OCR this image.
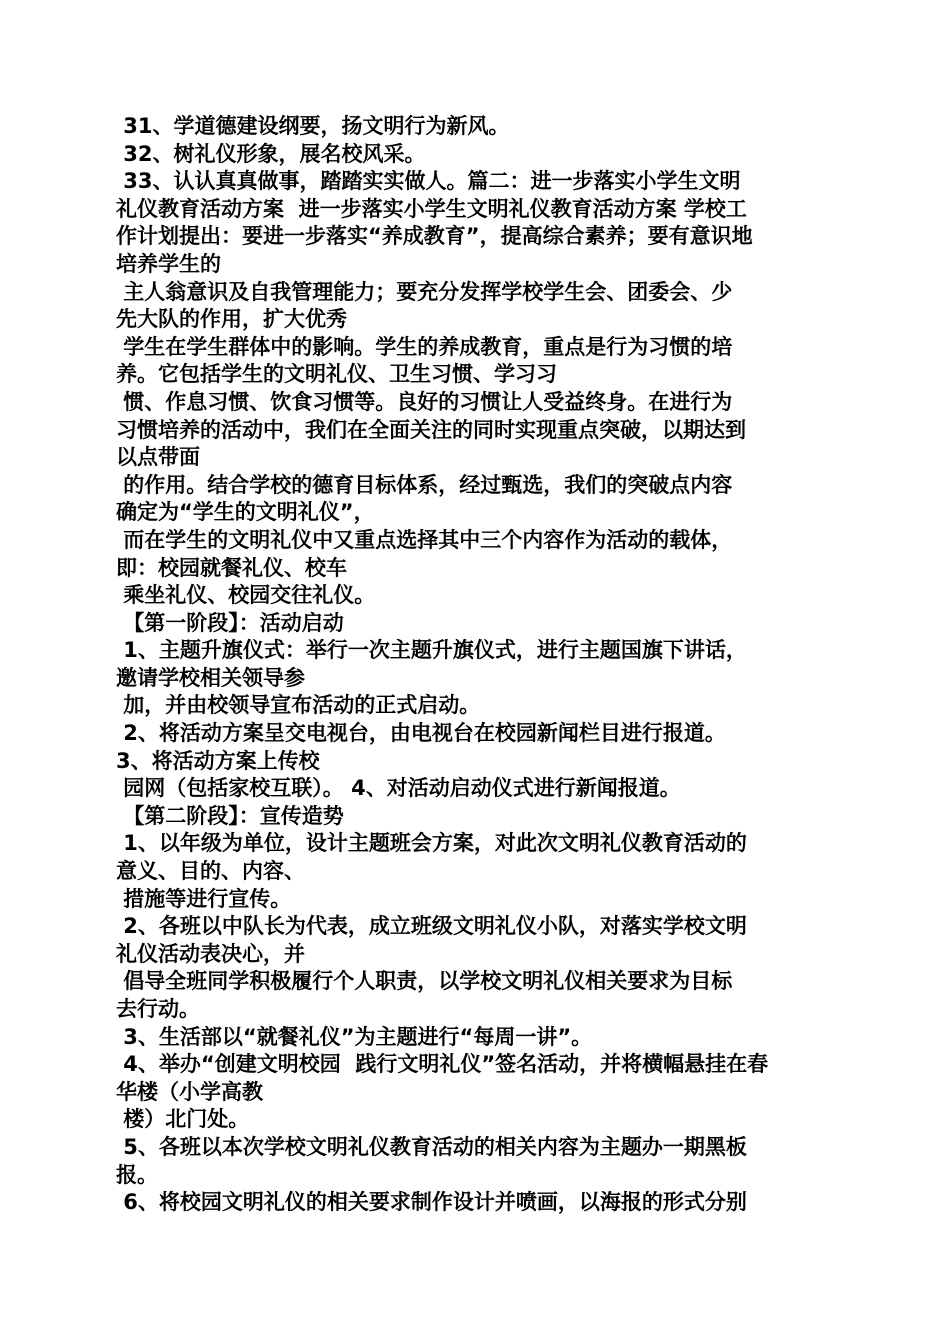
31、学道德建设纲要，扬文明行为新风。
32、树礼仪形象，展名校风采。
33、认认真真做事，踏踏实实做人。篇二：进一步落实小学生文明
礼仪教育活动方案  进一步落实小学生文明礼仪教育活动方案 学校工
作计划提出：要进一步落实“养成教育”，提高综合素养；要有意识地
培养学生的
主人翁意识及自我管理能力；要充分发挥学校学生会、团委会、少
先大队的作用，扩大优秀
学生在学生群体中的影响。学生的养成教育，重点是行为习惯的培
养。它包括学生的文明礼仪、卫生习惯、学习习
惯、作息习惯、饮食习惯等。良好的习惯让人受益终身。在进行为
习惯培养的活动中，我们在全面关注的同时实现重点突破，以期达到
以点带面
的作用。结合学校的德育目标体系，经过甄选，我们的突破点内容
确定为“学生的文明礼仪”，
而在学生的文明礼仪中又重点选择其中三个内容作为活动的载体，
即：校园就餐礼仪、校车
乘坐礼仪、校园交往礼仪。
【第一阶段】：活动启动
1、主题升旗仪式：举行一次主题升旗仪式，进行主题国旗下讲话，
邀请学校相关领导参
加，并由校领导宣布活动的正式启动。
2、将活动方案呈交电视台，由电视台在校园新闻栏目进行报道。
3、将活动方案上传校
园网（包括家校互联）。 4、对活动启动仪式进行新闻报道。
【第二阶段】：宣传造势
1、以年级为单位，设计主题班会方案，对此次文明礼仪教育活动的
意义、目的、内容、
措施等进行宣传。
2、各班以中队长为代表，成立班级文明礼仪小队，对落实学校文明
礼仪活动表决心，并
倡导全班同学积极履行个人职责，以学校文明礼仪相关要求为目标
去行动。
3、生活部以“就餐礼仪”为主题进行“每周一讲”。
4、举办“创建文明校园  践行文明礼仪”签名活动，并将横幅悬挂在春
华楼（小学高教
楼）北门处。
5、各班以本次学校文明礼仪教育活动的相关内容为主题办一期黑板
报。
6、将校园文明礼仪的相关要求制作设计并喷画，以海报的形式分别
